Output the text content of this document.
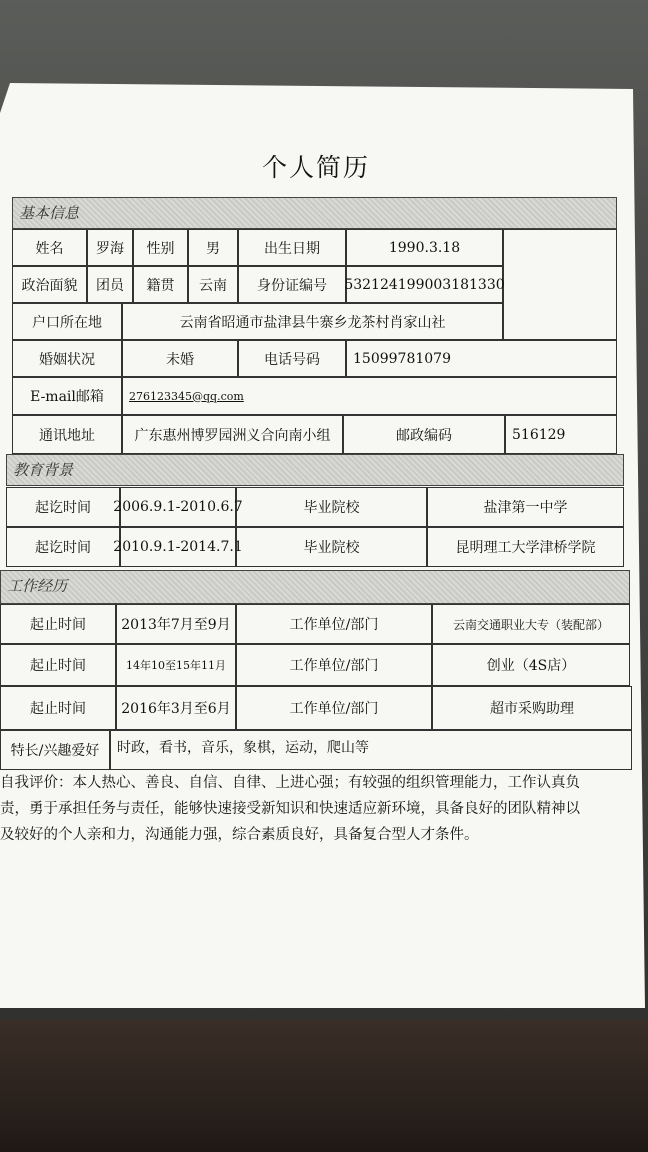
个人简历
基本信息
姓名	罗海	性别	男	出生日期	1990.3.18
政治面貌	团员	籍贯	云南	身份证编号	532124199003181330
户口所在地	云南省昭通市盐津县牛寨乡龙茶村肖家山社
婚姻状况	未婚	电话号码	15099781079
E-mail邮箱	276123345@qq.com
通讯地址	广东惠州博罗园洲义合向南小组	邮政编码	516129
教育背景
起讫时间	2006.9.1-2010.6.7	毕业院校	盐津第一中学
起讫时间	2010.9.1-2014.7.1	毕业院校	昆明理工大学津桥学院
工作经历
起止时间	2013年7月至9月	工作单位/部门	云南交通职业大专（装配部）
起止时间	14年10至15年11月	工作单位/部门	创业（4S店）
起止时间	2016年3月至6月	工作单位/部门	超市采购助理
特长/兴趣爱好	时政，看书，音乐，象棋，运动，爬山等
自我评价：本人热心、善良、自信、自律、上进心强；有较强的组织管理能力，工作认真负
责，勇于承担任务与责任，能够快速接受新知识和快速适应新环境，具备良好的团队精神以
及较好的个人亲和力，沟通能力强，综合素质良好，具备复合型人才条件。
